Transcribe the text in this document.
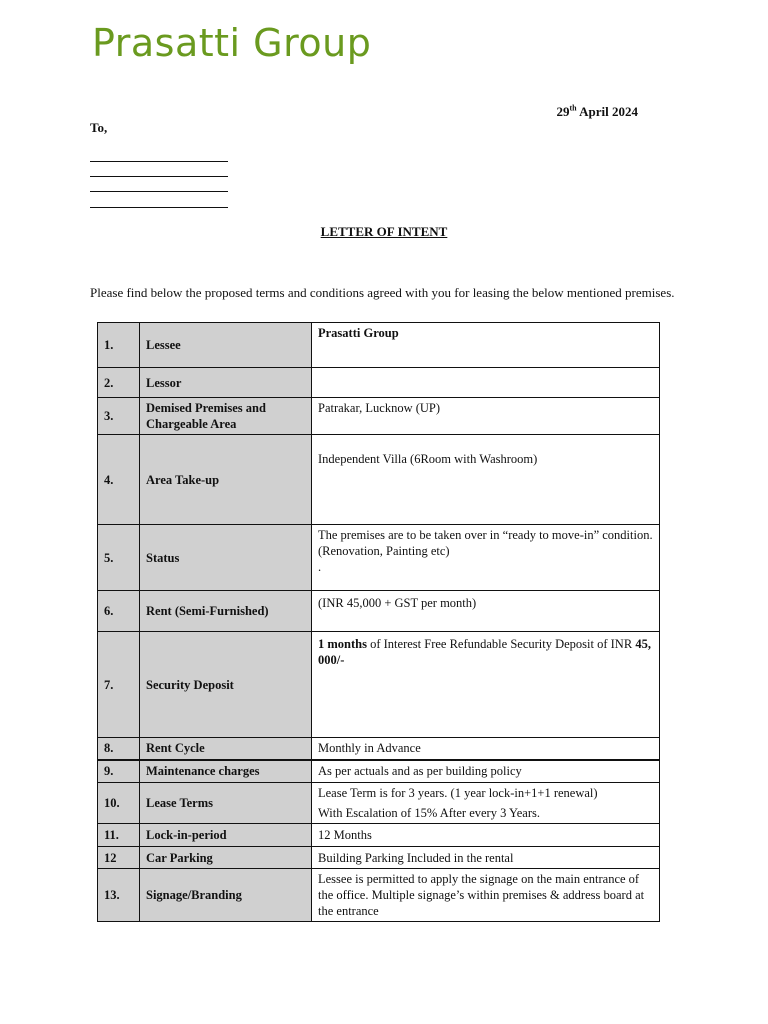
Prasatti Group
29th April 2024
To,
LETTER OF INTENT
Please find below the proposed terms and conditions agreed with you for leasing the below mentioned premises.
1.	Lessee	Prasatti Group
2.	Lessor	
3.	Demised Premises and Chargeable Area	Patrakar, Lucknow (UP)
4.	Area Take-up	Independent Villa (6Room with Washroom)
5.	Status	The premises are to be taken over in “ready to move-in” condition. (Renovation, Painting etc)
.

6.	Rent (Semi-Furnished)	(INR 45,000 + GST per month)
7.	Security Deposit	1 months of Interest Free Refundable Security Deposit of INR 45, 000/-
8.	Rent Cycle	Monthly in Advance
9.	Maintenance charges	As per actuals and as per building policy
10.	Lease Terms	Lease Term is for 3 years. (1 year lock-in+1+1 renewal)
With Escalation of 15% After every 3 Years.

11.	Lock-in-period	12 Months
12	Car Parking	Building Parking Included in the rental
13.	Signage/Branding	Lessee is permitted to apply the signage on the main entrance of the office. Multiple signage’s within premises & address board at the entrance
